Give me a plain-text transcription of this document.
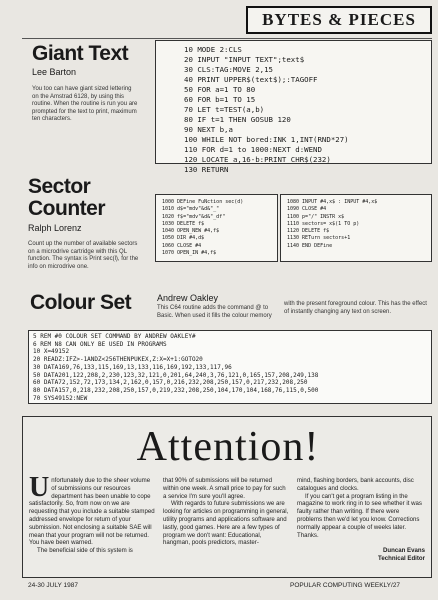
BYTES & PIECES
Giant Text
Lee Barton
You too can have giant sized lettering on the Amstrad 6128, by using this routine. When the routine is run you are prompted for the text to print, maximum ten characters.
10 MODE 2:CLS
20 INPUT "INPUT TEXT";text$
30 CLS:TAG:MOVE 2,15
40 PRINT UPPER$(text$);:TAGOFF
50 FOR a=1 TO 80
60 FOR b=1 TO 15
70 LET t=TEST(a,b)
80 IF t=1 THEN GOSUB 120
90 NEXT b,a
100 WHILE NOT bored:INK 1,INT(RND*27)
110 FOR d=1 to 1000:NEXT d:WEND
120 LOCATE a,16-b:PRINT CHR$(232)
130 RETURN
Sector
Counter
Ralph Lorenz
Count up the number of available sectors on a microdrive cartridge with this QL function. The syntax is Print sec(l), for the info on microdrive one.
1000 DEFine FuNction sec(d)
1010 d$="mdv"&d&"_"
1020 f$="mdv"&d&"_df"
1030 DELETE f$
1040 OPEN_NEW #4,f$
1050 DIR #4,d$
1060 CLOSE #4
1070 OPEN_IN #4,f$
1080 INPUT #4,x$ : INPUT #4,x$
1090 CLOSE #4
1100 p="/" INSTR x$
1110 sectors= x$(1 TO p)
1120 DELETE f$
1130 RETurn sectors+1
1140 END DEFine
Colour Set	Andrew Oakley
This C64 routine adds the command @ to Basic. When used it fills the colour memory
with the present foreground colour. This has the effect of instantly changing any text on screen.
5 REM #0 COLOUR SET COMMAND BY ANDREW OAKLEY#
6 REM N8 CAN ONLY BE USED IN PROGRAMS
10 X=49152
20 READZ:IFZ>-1ANDZ<256THENPUKEX,Z:X=X+1:GOTO20
30 DATA169,76,133,115,169,13,133,116,169,192,133,117,96
50 DATA201,122,208,2,230,123,32,121,0,201,64,240,3,76,121,0,165,157,208,249,138
60 DATA72,152,72,173,134,2,162,0,157,0,216,232,208,250,157,0,217,232,208,250
80 DATA157,0,218,232,208,250,157,0,219,232,208,250,104,170,104,168,76,115,0,500
70 SYS49152:NEW
Attention!
Unfortunately due to the sheer volume of submissions our resources department has been unable to cope satisfactorily. So, from now on we are requesting that you include a suitable stamped addressed envelope for return of your submission. Not enclosing a suitable SAE will mean that your program will not be returned. You have been warned.
The beneficial side of this system is
that 90% of submissions will be returned within one week. A small price to pay for such a service I'm sure you'll agree.
With regards to future submissions we are looking for articles on programming in general, utility programs and applications software and lastly, good games. Here are a few types of program we don't want: Educational, hangman, pools predictors, master-
mind, flashing borders, bank accounts, disc catalogues and clocks.
If you can't get a program listing in the magazine to work ring in to see whether it was faulty rather than writing. If there were problems then we'd let you know. Corrections normally appear a couple of weeks later. Thanks.
Duncan Evans
Technical Editor
24-30 JULY 1987	POPULAR COMPUTING WEEKLY/27
